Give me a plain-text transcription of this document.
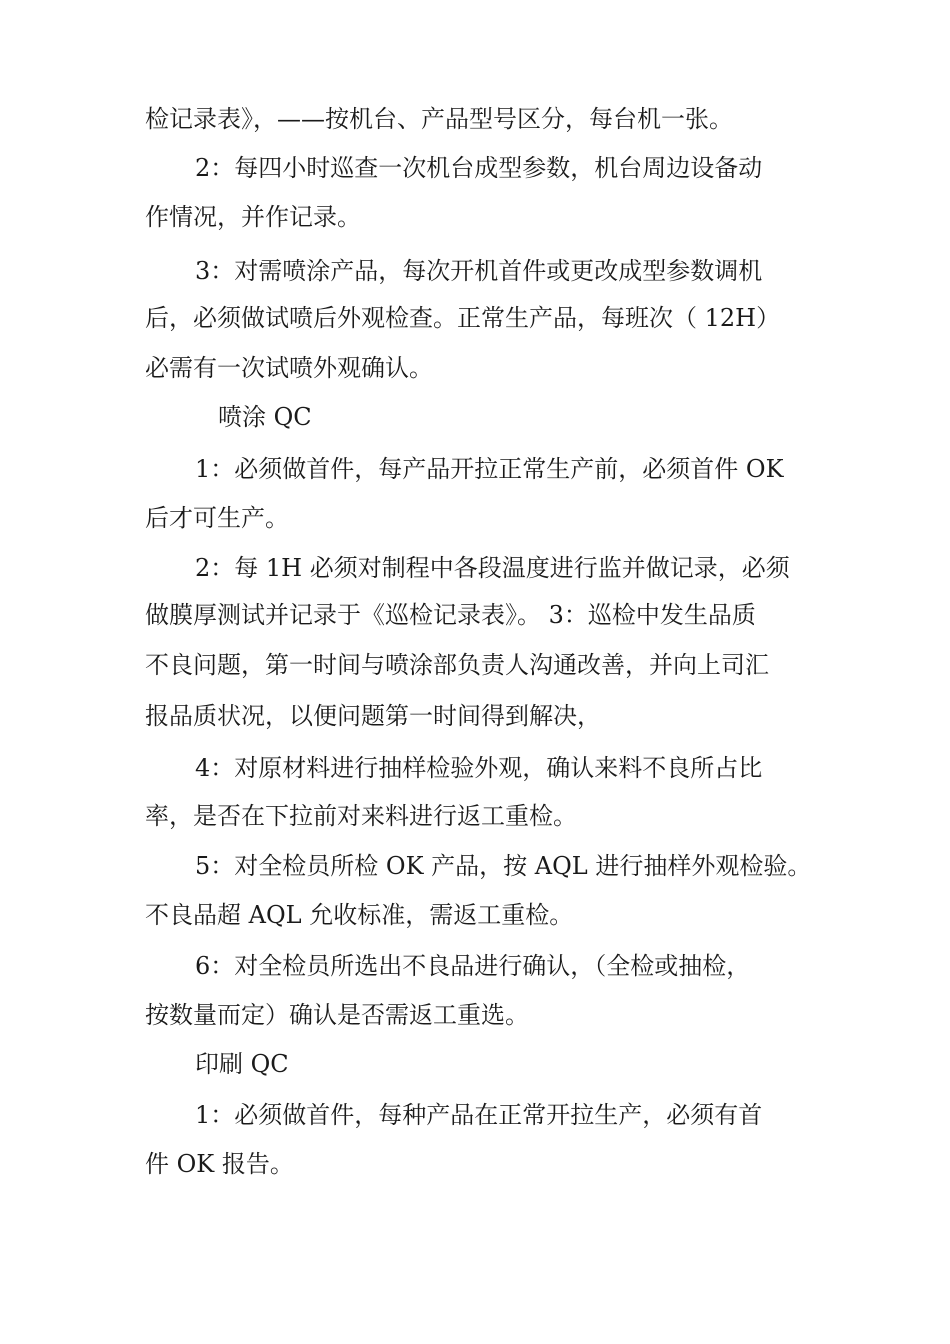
检记录表》，——按机台、产品型号区分，每台机一张。
2：每四小时巡查一次机台成型参数，机台周边设备动
作情况，并作记录。
3：对需喷涂产品，每次开机首件或更改成型参数调机
后，必须做试喷后外观检查。正常生产品，每班次（ 12H）
必需有一次试喷外观确认。
喷涂 QC
1：必须做首件，每产品开拉正常生产前，必须首件 OK
后才可生产。
2：每 1H 必须对制程中各段温度进行监并做记录，必须
做膜厚测试并记录于《巡检记录表》。 3：巡检中发生品质
不良问题，第一时间与喷涂部负责人沟通改善，并向上司汇
报品质状况，以便问题第一时间得到解决，
4：对原材料进行抽样检验外观，确认来料不良所占比
率，是否在下拉前对来料进行返工重检。
5：对全检员所检 OK 产品，按 AQL 进行抽样外观检验。
不良品超 AQL 允收标准，需返工重检。
6：对全检员所选出不良品进行确认，（全检或抽检，
按数量而定）确认是否需返工重选。
印刷 QC
1：必须做首件，每种产品在正常开拉生产，必须有首
件 OK 报告。
